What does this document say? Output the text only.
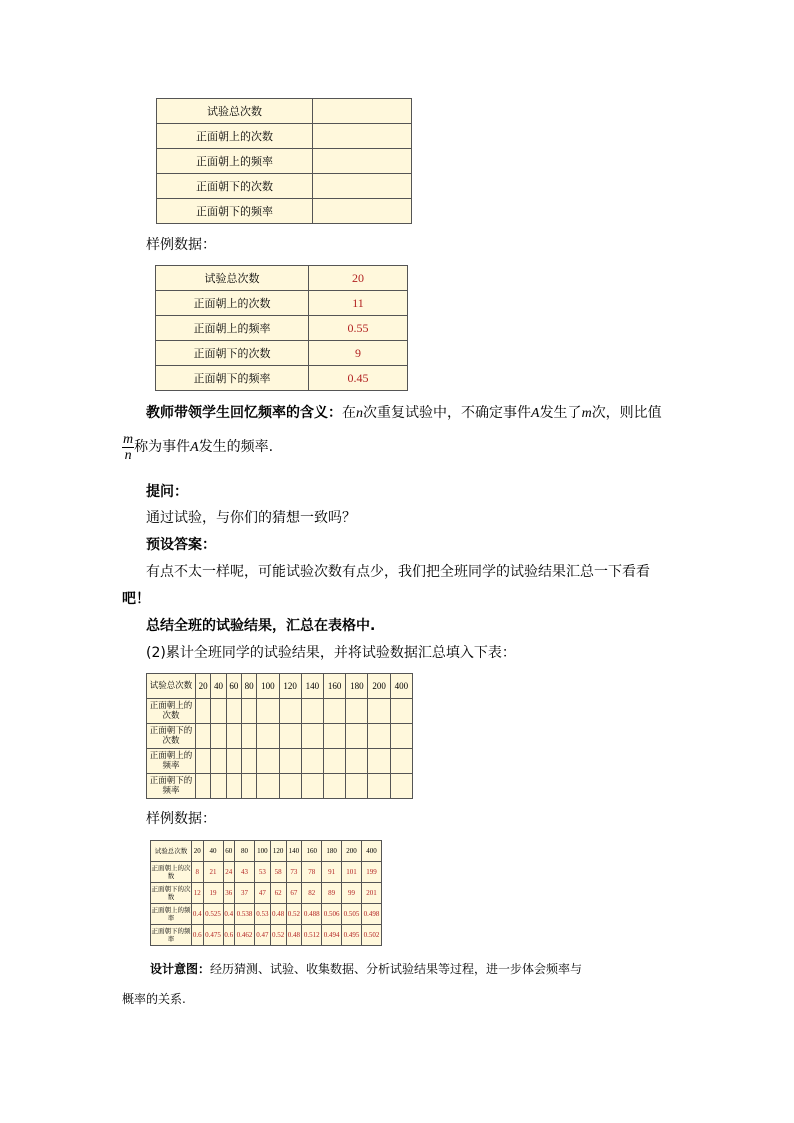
试验总次数	
正面朝上的次数	
正面朝上的频率	
正面朝下的次数	
正面朝下的频率	
样例数据：
试验总次数	20
正面朝上的次数	11
正面朝上的频率	0.55
正面朝下的次数	9
正面朝下的频率	0.45
教师带领学生回忆频率的含义：在n次重复试验中，不确定事件A发生了m次，则比值
$\frac{m}{n}$ 称为事件A发生的频率.
提问：
通过试验，与你们的猜想一致吗？
预设答案：
有点不太一样呢，可能试验次数有点少，我们把全班同学的试验结果汇总一下看看
吧！
总结全班的试验结果，汇总在表格中.
(2)累计全班同学的试验结果，并将试验数据汇总填入下表：
试验总次数	20	40	60	80	100	120	140	160	180	200	400
正面朝上的次数											
正面朝下的次数											
正面朝上的频率											
正面朝下的频率											
样例数据：
试验总次数	20	40	60	80	100	120	140	160	180	200	400
正面朝上的次数	8	21	24	43	53	58	73	78	91	101	199
正面朝下的次数	12	19	36	37	47	62	67	82	89	99	201
正面朝上的频率	0.4	0.525	0.4	0.538	0.53	0.48	0.52	0.488	0.506	0.505	0.498
正面朝下的频率	0.6	0.475	0.6	0.462	0.47	0.52	0.48	0.512	0.494	0.495	0.502
设计意图：经历猜测、试验、收集数据、分析试验结果等过程，进一步体会频率与
概率的关系.
